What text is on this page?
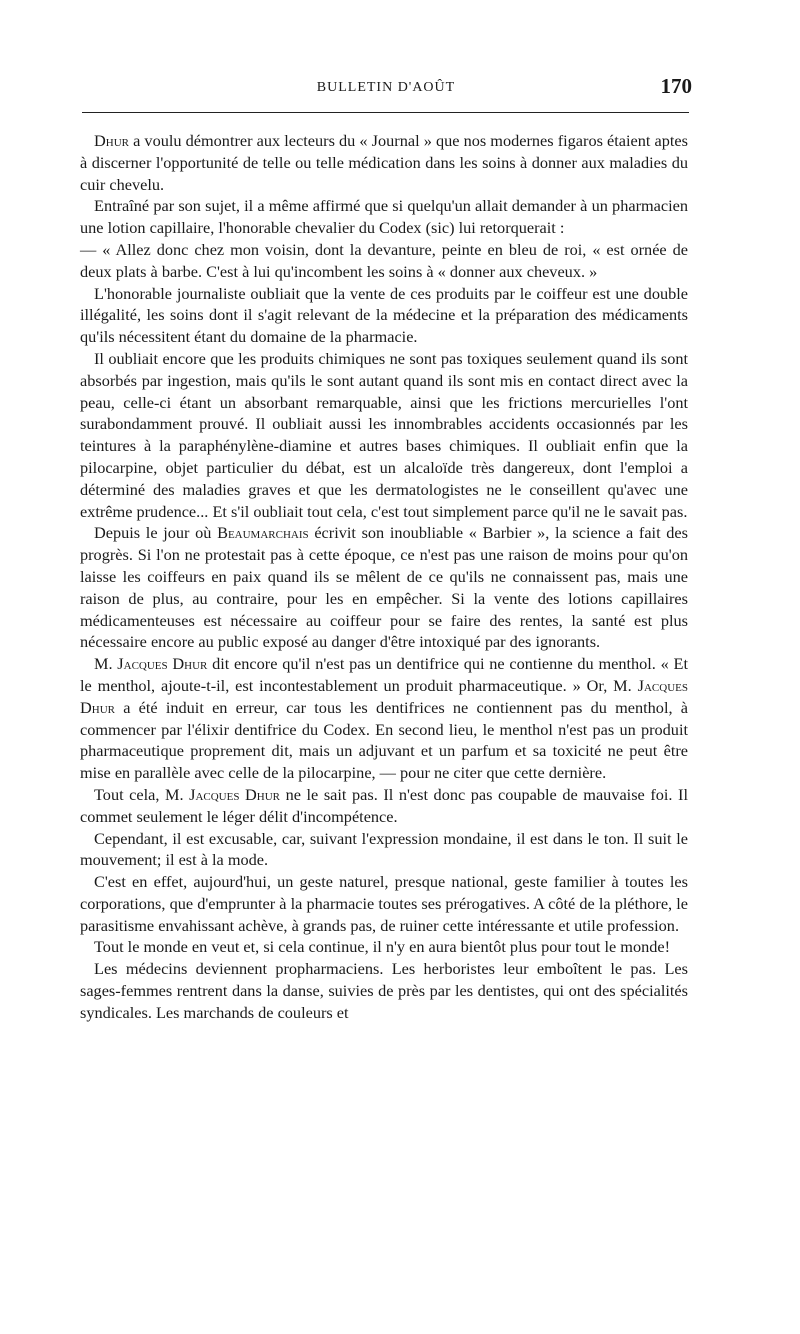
BULLETIN D'AOÛT	170

Dhur a voulu démontrer aux lecteurs du « Journal » que nos modernes figaros étaient aptes à discerner l'opportunité de telle ou telle médication dans les soins à donner aux maladies du cuir chevelu.

Entraîné par son sujet, il a même affirmé que si quelqu'un allait demander à un pharmacien une lotion capillaire, l'honorable chevalier du Codex (sic) lui retorquerait :

— « Allez donc chez mon voisin, dont la devanture, peinte en bleu de roi, « est ornée de deux plats à barbe. C'est à lui qu'incombent les soins à « donner aux cheveux. »

L'honorable journaliste oubliait que la vente de ces produits par le coiffeur est une double illégalité, les soins dont il s'agit relevant de la médecine et la préparation des médicaments qu'ils nécessitent étant du domaine de la pharmacie.

Il oubliait encore que les produits chimiques ne sont pas toxiques seulement quand ils sont absorbés par ingestion, mais qu'ils le sont autant quand ils sont mis en contact direct avec la peau, celle-ci étant un absorbant remarquable, ainsi que les frictions mercurielles l'ont surabondamment prouvé. Il oubliait aussi les innombrables accidents occasionnés par les teintures à la paraphénylène-diamine et autres bases chimiques. Il oubliait enfin que la pilocarpine, objet particulier du débat, est un alcaloïde très dangereux, dont l'emploi a déterminé des maladies graves et que les dermatologistes ne le conseillent qu'avec une extrême prudence... Et s'il oubliait tout cela, c'est tout simplement parce qu'il ne le savait pas.

Depuis le jour où Beaumarchais écrivit son inoubliable « Barbier », la science a fait des progrès. Si l'on ne protestait pas à cette époque, ce n'est pas une raison de moins pour qu'on laisse les coiffeurs en paix quand ils se mêlent de ce qu'ils ne connaissent pas, mais une raison de plus, au contraire, pour les en empêcher. Si la vente des lotions capillaires médicamenteuses est nécessaire au coiffeur pour se faire des rentes, la santé est plus nécessaire encore au public exposé au danger d'être intoxiqué par des ignorants.

M. Jacques Dhur dit encore qu'il n'est pas un dentifrice qui ne contienne du menthol. « Et le menthol, ajoute-t-il, est incontestablement un produit pharmaceutique. » Or, M. Jacques Dhur a été induit en erreur, car tous les dentifrices ne contiennent pas du menthol, à commencer par l'élixir dentifrice du Codex. En second lieu, le menthol n'est pas un produit pharmaceutique proprement dit, mais un adjuvant et un parfum et sa toxicité ne peut être mise en parallèle avec celle de la pilocarpine, — pour ne citer que cette dernière.

Tout cela, M. Jacques Dhur ne le sait pas. Il n'est donc pas coupable de mauvaise foi. Il commet seulement le léger délit d'incompétence.

Cependant, il est excusable, car, suivant l'expression mondaine, il est dans le ton. Il suit le mouvement; il est à la mode.

C'est en effet, aujourd'hui, un geste naturel, presque national, geste familier à toutes les corporations, que d'emprunter à la pharmacie toutes ses prérogatives. A côté de la pléthore, le parasitisme envahissant achève, à grands pas, de ruiner cette intéressante et utile profession.

Tout le monde en veut et, si cela continue, il n'y en aura bientôt plus pour tout le monde!

Les médecins deviennent propharmaciens. Les herboristes leur emboîtent le pas. Les sages-femmes rentrent dans la danse, suivies de près par les dentistes, qui ont des spécialités syndicales. Les marchands de couleurs et
